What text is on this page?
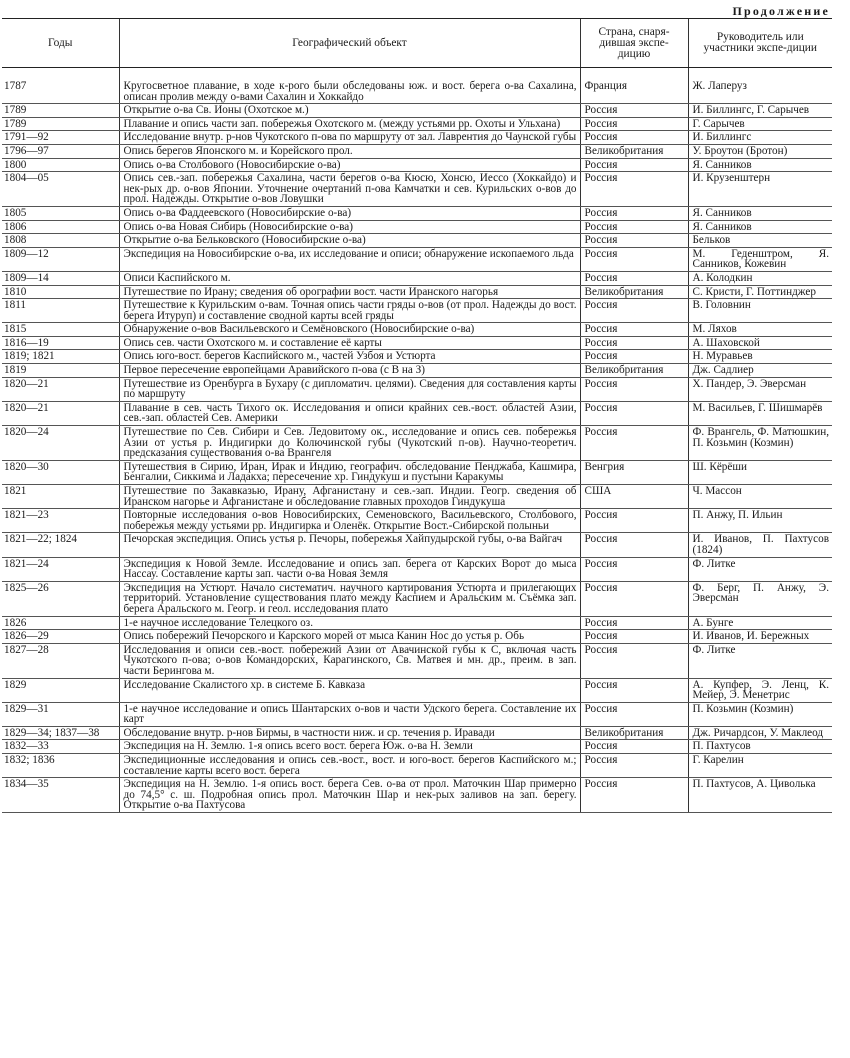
Продолжение
Годы	Географический объект	Страна, снаря-дившая экспе-дицию	Руководитель или участники экспе-диции
1787	Кругосветное плавание, в ходе к-рого были обследованы юж. и вост. берега о-ва Сахалина, описан пролив между о-вами Сахалин и Хоккайдо	Франция	Ж. Лаперуз
1789	Открытие о-ва Св. Ионы (Охотское м.)	Россия	И. Биллингс, Г. Сарычев
1789	Плавание и опись части зап. побережья Охотского м. (между устьями рр. Охоты и Ульхана)	Россия	Г. Сарычев
1791—92	Исследование внутр. р-нов Чукотского п-ова по маршруту от зал. Лаврентия до Чаунской губы	Россия	И. Биллингс
1796—97	Опись берегов Японского м. и Корейского прол.	Великобритания	У. Броутон (Бротон)
1800	Опись о-ва Столбового (Новосибирские о-ва)	Россия	Я. Санников
1804—05	Опись сев.-зап. побережья Сахалина, части берегов о-ва Кюсю, Хонсю, Иессо (Хоккайдо) и нек-рых др. о-вов Японии. Уточнение очертаний п-ова Камчатки и сев. Курильских о-вов до прол. Надежды. Открытие о-вов Ловушки	Россия	И. Крузенштерн
1805	Опись о-ва Фаддеевского (Новосибирские о-ва)	Россия	Я. Санников
1806	Опись о-ва Новая Сибирь (Новосибирские о-ва)	Россия	Я. Санников
1808	Открытие о-ва Бельковского (Новосибирские о-ва)	Россия	Бельков
1809—12	Экспедиция на Новосибирские о-ва, их исследование и описи; обнаружение ископаемого льда	Россия	М. Геденштром, Я. Санников, Кожевин
1809—14	Описи Каспийского м.	Россия	А. Колодкин
1810	Путешествие по Ирану; сведения об орографии вост. части Иранского нагорья	Великобритания	С. Кристи, Г. Поттинджер
1811	Путешествие к Курильским о-вам. Точная опись части гряды о-вов (от прол. Надежды до вост. берега Итуруп) и составление сводной карты всей гряды	Россия	В. Головнин
1815	Обнаружение о-вов Васильевского и Семёновского (Новосибирские о-ва)	Россия	М. Ляхов
1816—19	Опись сев. части Охотского м. и составление её карты	Россия	А. Шаховской
1819; 1821	Опись юго-вост. берегов Каспийского м., частей Узбоя и Устюрта	Россия	Н. Муравьев
1819	Первое пересечение европейцами Аравийского п-ова (с В на З)	Великобритания	Дж. Садлиер
1820—21	Путешествие из Оренбурга в Бухару (с дипломатич. целями). Сведения для составления карты по маршруту	Россия	Х. Пандер, Э. Эверсман
1820—21	Плавание в сев. часть Тихого ок. Исследования и описи крайних сев.-вост. областей Азии, сев.-зап. областей Сев. Америки	Россия	М. Васильев, Г. Шишмарёв
1820—24	Путешествие по Сев. Сибири и Сев. Ледовитому ок., исследование и опись сев. побережья Азии от устья р. Индигирки до Колючинской губы (Чукотский п-ов). Научно-теоретич. предсказания существования о-ва Врангеля	Россия	Ф. Врангель, Ф. Матюшкин, П. Козьмин (Козмин)
1820—30	Путешествия в Сирию, Иран, Ирак и Индию, географич. обследование Пенджаба, Кашмира, Бенгалии, Сиккима и Ладакха; пересечение хр. Гиндукуш и пустыни Каракумы	Венгрия	Ш. Кёрёши
1821	Путешествие по Закавказью, Ирану, Афганистану и сев.-зап. Индии. Геогр. сведения об Иранском нагорье и Афганистане и обследование главных проходов Гиндукуша	США	Ч. Массон
1821—23	Повторные исследования о-вов Новосибирских, Семеновского, Васильевского, Столбового, побережья между устьями рр. Индигирка и Оленёк. Открытие Вост.-Сибирской полыньи	Россия	П. Анжу, П. Ильин
1821—22; 1824	Печорская экспедиция. Опись устья р. Печоры, побережья Хайпудырской губы, о-ва Вайгач	Россия	И. Иванов, П. Пахтусов (1824)
1821—24	Экспедиция к Новой Земле. Исследование и опись зап. берега от Карских Ворот до мыса Нассау. Составление карты зап. части о-ва Новая Земля	Россия	Ф. Литке
1825—26	Экспедиция на Устюрт. Начало систематич. научного картирования Устюрта и прилегающих территорий. Установление существования плато между Каспием и Аральским м. Съёмка зап. берега Аральского м. Геогр. и геол. исследования плато	Россия	Ф. Берг, П. Анжу, Э. Эверсман
1826	1-е научное исследование Телецкого оз.	Россия	А. Бунге
1826—29	Опись побережий Печорского и Карского морей от мыса Канин Нос до устья р. Обь	Россия	И. Иванов, И. Бережных
1827—28	Исследования и описи сев.-вост. побережий Азии от Авачинской губы к С, включая часть Чукотского п-ова; о-вов Командорских, Карагинского, Св. Матвея и мн. др., преим. в зап. части Берингова м.	Россия	Ф. Литке
1829	Исследование Скалистого хр. в системе Б. Кавказа	Россия	А. Купфер, Э. Ленц, К. Мейер, Э. Менетрис
1829—31	1-е научное исследование и опись Шантарских о-вов и части Удского берега. Составление их карт	Россия	П. Козьмин (Козмин)
1829—34; 1837—38	Обследование внутр. р-нов Бирмы, в частности ниж. и ср. течения р. Иравади	Великобритания	Дж. Ричардсон, У. Маклеод
1832—33	Экспедиция на Н. Землю. 1-я опись всего вост. берега Юж. о-ва Н. Земли	Россия	П. Пахтусов
1832; 1836	Экспедиционные исследования и опись сев.-вост., вост. и юго-вост. берегов Каспийского м.; составление карты всего вост. берега	Россия	Г. Карелин
1834—35	Экспедиция на Н. Землю. 1-я опись вост. берега Сев. о-ва от прол. Маточкин Шар примерно до 74,5° с. ш. Подробная опись прол. Маточкин Шар и нек-рых заливов на зап. берегу. Открытие о-ва Пахтусова	Россия	П. Пахтусов, А. Циволька
